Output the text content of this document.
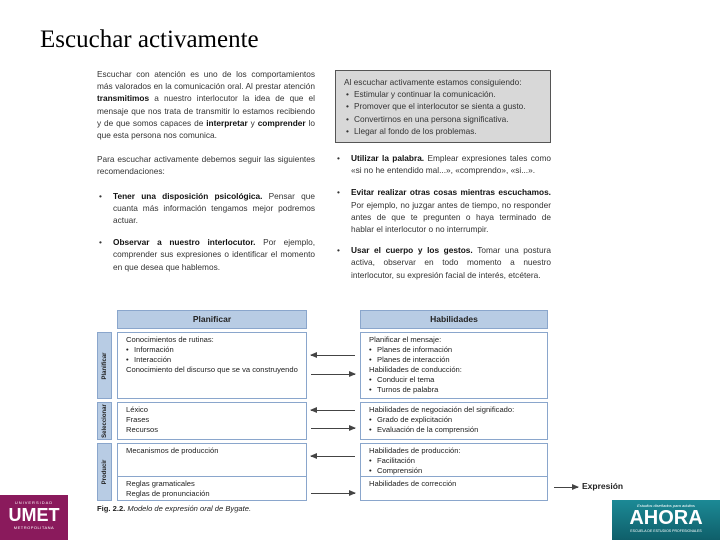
Escuchar activamente
Escuchar con atención es uno de los comportamientos más valorados en la comunicación oral. Al prestar atención transmitimos a nuestro interlocutor la idea de que el mensaje que nos trata de transmitir lo estamos recibiendo y de que somos capaces de interpretar y comprender lo que esta persona nos comunica.
Para escuchar activamente debemos seguir las siguientes recomendaciones:
• Tener una disposición psicológica. Pensar que cuanta más información tengamos mejor podremos actuar.
• Observar a nuestro interlocutor. Por ejemplo, comprender sus expresiones o identificar el momento en que desea que hablemos.
Al escuchar activamente estamos consiguiendo:
• Estimular y continuar la comunicación.
• Promover que el interlocutor se sienta a gusto.
• Convertirnos en una persona significativa.
• Llegar al fondo de los problemas.
• Utilizar la palabra. Emplear expresiones tales como «si no he entendido mal...», «comprendo», «si...».
• Evitar realizar otras cosas mientras escuchamos. Por ejemplo, no juzgar antes de tiempo, no responder antes de que te pregunten o haya terminado de hablar el interlocutor o no interrumpir.
• Usar el cuerpo y los gestos. Tomar una postura activa, observar en todo momento a nuestro interlocutor, su expresión facial de interés, etcétera.
Planificar	Habilidades
Planificar
Seleccionar
Producir
Conocimientos de rutinas:
• Información
• Interacción
Conocimiento del discurso que se va construyendo
Planificar el mensaje:
• Planes de información
• Planes de interacción
Habilidades de conducción:
• Conducir el tema
• Turnos de palabra
Léxico
Frases
Recursos
Habilidades de negociación del significado:
• Grado de explicitación
• Evaluación de la comprensión
Mecanismos de producción
Reglas gramaticales
Reglas de pronunciación
Habilidades de producción:
• Facilitación
• Comprensión
Habilidades de corrección	Expresión
Fig. 2.2. Modelo de expresión oral de Bygate.
UNIVERSIDAD
UMET
METROPOLITANA
Estudios diseñados para adultos
AHORA
ESCUELA DE ESTUDIOS PROFESIONALES
